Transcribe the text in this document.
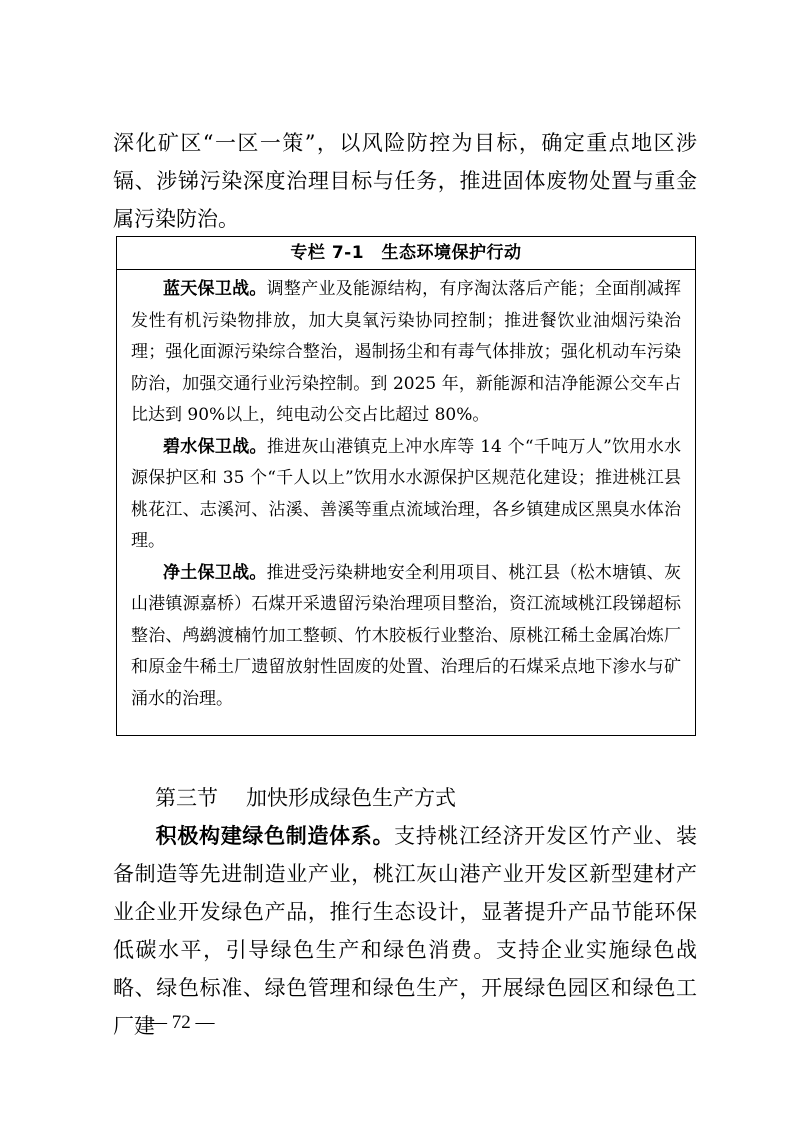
深化矿区“一区一策”，以风险防控为目标，确定重点地区涉镉、涉锑污染深度治理目标与任务，推进固体废物处置与重金属污染防治。

专栏 7-1　生态环境保护行动

蓝天保卫战。调整产业及能源结构，有序淘汰落后产能；全面削减挥发性有机污染物排放，加大臭氧污染协同控制；推进餐饮业油烟污染治理；强化面源污染综合整治，遏制扬尘和有毒气体排放；强化机动车污染防治，加强交通行业污染控制。到 2025 年，新能源和洁净能源公交车占比达到 90%以上，纯电动公交占比超过 80%。

碧水保卫战。推进灰山港镇克上冲水库等 14 个“千吨万人”饮用水水源保护区和 35 个“千人以上”饮用水水源保护区规范化建设；推进桃江县桃花江、志溪河、沾溪、善溪等重点流域治理，各乡镇建成区黑臭水体治理。

净土保卫战。推进受污染耕地安全利用项目、桃江县（松木塘镇、灰山港镇源嘉桥）石煤开采遗留污染治理项目整治，资江流域桃江段锑超标整治、鸬鹚渡楠竹加工整顿、竹木胶板行业整治、原桃江稀土金属冶炼厂和原金牛稀土厂遗留放射性固废的处置、治理后的石煤采点地下渗水与矿涌水的治理。

第三节 加快形成绿色生产方式

积极构建绿色制造体系。支持桃江经济开发区竹产业、装备制造等先进制造业产业，桃江灰山港产业开发区新型建材产业企业开发绿色产品，推行生态设计，显著提升产品节能环保低碳水平，引导绿色生产和绿色消费。支持企业实施绿色战略、绿色标准、绿色管理和绿色生产，开展绿色园区和绿色工厂建

— 72 —
